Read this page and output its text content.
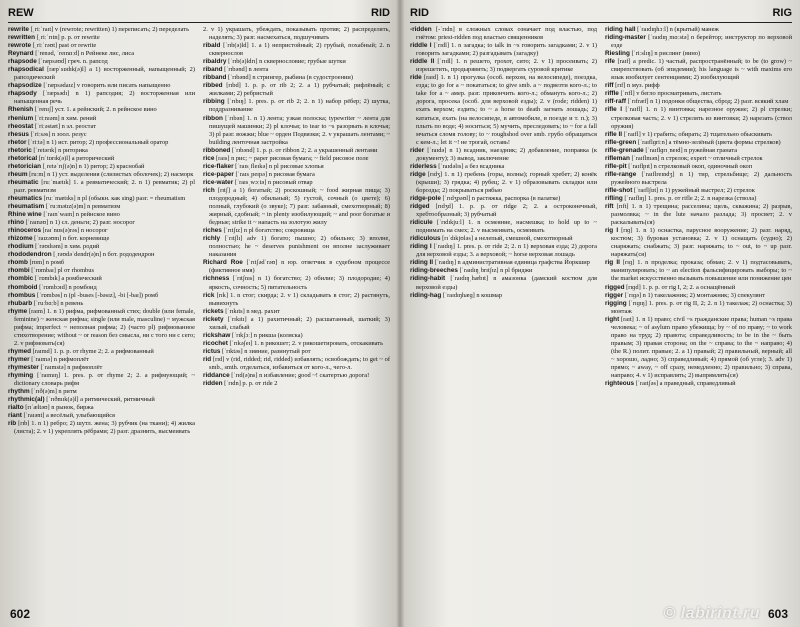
REW	RID

rewrite [ˌriːˈraɪt] v (rewrote; rewritten) 1) переписать; 2) переделать

rewritten [ˌriːˈrɪtn] p. p. от rewrite

rewrote [ˌriːˈrəʊt] past от rewrite

Reynard [ˈrenəd, ˈreɪnɑːd] n Рейнеке лис, лиса

rhapsode [ˈræpsəʊd] греч. n. рапсод

rhapsodical [ræpˈsɒdɪk(ə)l] a 1) восторженный, напыщенный; 2) рапсодический

rhapsodize [ˈræpsədaɪz] v говорить или писать напыщенно

rhapsody [ˈræpsədɪ] n 1) рапсодия; 2) восторженная или напыщенная речь

Rhenish [ˈrenɪʃ] уст. 1. a рейнский; 2. n рейнское вино

rhenium [ˈriːnɪəm] n хим. рений

rheostat [ˈriːəstæt] n эл. реостат

rhesus [ˈriːsəs] n зоол. резус

rhetor [ˈriːtə] n 1) ист. ритор; 2) профессиональный оратор

rhetoric [ˈretərɪk] n риторика

rhetorical [rɪˈtɒrɪk(ə)l] a риторический

rhetorician [ˌretəˈrɪʃ(ə)n] n 1) ритор; 2) краснобай

rheum [ruːm] n 1) уст. выделения (слизистых оболочек); 2) насморк

rheumatic [ruːˈmætɪk] 1. a ревматический; 2. n 1) ревматик; 2) pl разг. ревматизм

rheumatics [ruːˈmætɪks] n pl (обыкн. как sing) разг. = rheumatism

rheumatism [ˈruːmətɪz(ə)m] n ревматизм

Rhine wine [ˈraɪnˈwaɪn] n рейнское вино

rhino [ˈraɪnəʊ] n 1) сл. деньги; 2) разг. носорог

rhinoceros [raɪˈnɒs(ə)rəs] n носорог

rhizome [ˈraɪzəʊm] n бот. корневище

rhodium [ˈrəʊdɪəm] n хим. родий

rhododendron [ˌrəʊdəˈdendr(ə)n] n бот. рододендрон

rhomb [rɒm] n ромб

rhombi [ˈrɒmbaɪ] pl от rhombus

rhombic [ˈrɒmbɪk] a ромбический

rhomboid [ˈrɒmbɔɪd] n ромбоид

rhombus [ˈrɒmbəs] n (pl -buses [-bəsɪz], -bi [-baɪ]) ромб

rhubarb [ˈruːbɑːb] n ревень

rhyme [raɪm] 1. n 1) рифма, рифмованный стих; double (или female, feminine) ~ женская рифма; single (или male, masculine) ~ мужская рифма; imperfect ~ неполная рифма; 2) (часто pl) рифмованное стихотворение; without ~ or reason без смысла, ни с того ни с сего; 2. v рифмовать(ся)

rhymed [raɪmd] 1. p. p. от rhyme 2; 2. a рифмованный

rhymer [ˈraɪmə] n рифмоплёт

rhymester [ˈraɪmstə] n рифмоплёт

rhyming [ˈraɪmɪŋ] 1. pres. p. от rhyme 2; 2. a рифмующий; ~ dictionary словарь рифм

rhythm [ˈrɪð(ə)m] n ритм

rhythmic(al) [ˈrɪðmɪk(ə)l] a ритмический, ритмичный

rialto [rɪˈæltəʊ] n рынок, биржа

riant [ˈraɪənt] a весёлый, улыбающийся

rib [rɪb] 1. n 1) ребро; 2) шутл. жена; 3) рубчик (на ткани); 4) жилка (листа); 2. v 1) укреплять рёбрами; 2) разг. дразнить, высмеивать

2. v 1) украшать, убеждать, показывать против; 2) распределять, наделять; 3) разг. насмехаться, подшучивать

ribald [ˈrɪb(ə)ld] 1. a 1) непристойный; 2) грубый, похабный; 2. n сквернослов

ribaldry [ˈrɪb(ə)ldrɪ] n сквернословие; грубые шутки

riband [ˈrɪbənd] n лента

ribband [ˈrɪbənd] n стрингер, рыбина (в судостроении)

ribbed [rɪbd] 1. p. p. от rib 2; 2. a 1) рубчатый; рифлёный; с жилками; 2) ребристый

ribbing [ˈrɪbɪŋ] 1. pres. p. от rib 2; 2. n 1) набор рёбер; 2) шутка, поддразнивание

ribbon [ˈrɪbən] 1. n 1) лента; узкая полоска; typewriter ~ лента для пишущей машинки; 2) pl клочья; to tear to ~s разорвать в клочья; 3) pl разг. вожжи; blue ~ орден Подвязки; 2. v украшать лентами; ~ building ленточная застройка

ribboned [ˈrɪbənd] 1. p. p. от ribbon 2; 2. a украшенный лентами

rice [raɪs] n рис; ~ paper рисовая бумага; ~ field рисовое поле

rice-flaker [ˈraɪsˌfleɪkə] n pl рисовые хлопья

rice-paper [ˈraɪsˌpeɪpə] n рисовая бумага

rice-water [ˈraɪsˌwɔːtə] n рисовый отвар

rich [rɪtʃ] a 1) богатый; 2) роскошный; ~ food жирная пища; 3) плодородный; 4) обильный; 5) густой, сочный (о цвете); 6) полный, глубокий (о звуке); 7) разг. забавный, смехотворный; 8) жирный, сдобный; ~ in plenty изобилующий; ~ and poor богатые и бедные; strike it ~ напасть на золотую жилу

riches [ˈrɪtʃɪz] n pl богатство; сокровища

richly [ˈrɪtʃlɪ] adv 1) богато; пышно; 2) обильно; 3) вполне, полностью; he ~ deserves punishment он вполне заслуживает наказания

Richard Roe [ˈrɪtʃədˈrəʊ] n юр. ответчик в судебном процессе (фиктивное имя)

richness [ˈrɪtʃnɪs] n 1) богатство; 2) обилие; 3) плодородие; 4) яркость, сочность; 5) питательность

rick [rɪk] 1. n стог; скирда; 2. v 1) складывать в стог; 2) растянуть, вывихнуть

rickets [ˈrɪkɪts] n мед. рахит

rickety [ˈrɪkɪtɪ] a 1) рахитичный; 2) расшатанный, шаткий; 3) хилый, слабый

rickshaw [ˈrɪkʃɔː] n рикша (коляска)

ricochet [ˈrɪkəʃeɪ] 1. n рикошет; 2. v рикошетировать, отскакивать

rictus [ˈrɪktəs] n зияние, разинутый рот

rid [rɪd] v (rid, ridded; rid, ridded) избавлять; освобождать; to get ~ of smb., smth. отделаться, избавиться от кого-л., чего-л.

riddance [ˈrɪd(ə)ns] n избавление; good ~! скатертью дорога!

ridden [ˈrɪdn] p. p. от ride 2

602
RID	RIG

-ridden [-ˈrɪdn] в сложных словах означает под властью, под гнётом: priest-ridden под властью священников

riddle I [ˈrɪdl] 1. n загадка; to talk in ~s говорить загадками; 2. v 1) говорить загадками; 2) разгадывать (загадку)

riddle II [ˈrɪdl] 1. n решето, грохот, сито; 2. v 1) просеивать; 2) изрешетить, продырявить; 3) подвергать суровой критике

ride [raɪd] 1. n 1) прогулка (особ. верхом, на велосипеде), поездка, езда; to go for a ~ покататься; to give smb. a ~ подвезти кого-л.; to take for a ~ амер. разг. прикончить кого-л.; обмануть кого-л.; 2) дорога, просека (особ. для верховой езды); 2. v (rode; ridden) 1) ехать верхом; ездить; to ~ a horse to death загнать лошадь; 2) кататься, ехать (на велосипеде, в автомобиле, в поезде и т. п.); 3) плыть по воде; 4) носиться; 5) мучить, преследовать; to ~ for a fall мчаться сломя голову; to ~ roughshod over smb. грубо обращаться с кем-л.; let it ~! не трогай, оставь!

rider [ˈraɪdə] n 1) всадник, наездник; 2) добавление, поправка (к документу); 3) вывод, заключение

riderless [ˈraɪdəlɪs] a без всадника

ridge [rɪdʒ] 1. n 1) гребень (горы, волны); горный хребет; 2) конёк (крыши); 3) грядка; 4) рубец; 2. v 1) образовывать складки или борозды; 2) покрываться рябью

ridge-pole [ˈrɪdʒpəʊl] n растяжка, распорка (в палатке)

ridged [rɪdʒd] 1. p. p. от ridge 2; 2. a остроконечный, хребтообразный; 3) рубчатый

ridicule [ˈrɪdɪkjuːl] 1. n осмеяние, насмешка; to hold up to ~ поднимать на смех; 2. v высмеивать, осмеивать

ridiculous [rɪˈdɪkjʊləs] a нелепый, смешной, смехотворный

riding I [ˈraɪdɪŋ] 1. pres. p. от ride 2; 2. n 1) верховая езда; 2) дорога для верховой езды; 3. a верховой; ~ horse верховая лошадь

riding II [ˈraɪdɪŋ] n административная единица графства Йоркшир

riding-breeches [ˈraɪdɪŋˌbrɪtʃɪz] n pl бриджи

riding-habit [ˈraɪdɪŋˌhæbɪt] n амазонка (дамский костюм для верховой езды)

riding-hag [ˈraɪdɪŋhæɡ] n кошмар

riding hall [ˈraɪdɪŋhɔːl] n (крытый) манеж

riding-master [ˈraɪdɪŋˌmɑːstə] n берейтор; инструктор по верховой езде

Riesling [ˈriːslɪŋ] n рислинг (вино)

rife [raɪf] a predic. 1) частый, распространённый; to be (to grow) ~ свирепствовать (об эпидемии); his language is ~ with maxims его язык изобилует сентенциями; 2) изобилующий

riff [rɪf] n муз. рифф

riffle [ˈrɪfl] v бегло просматривать, листать

riff-raff [ˈrɪfræf] n 1) подонки общества, сброд; 2) разг. всякий хлам

rifle I [ˈraɪfl] 1. n 1) винтовка; нарезное оружие; 2) pl стрелки; стрелковая часть; 2. v 1) стрелять из винтовки; 2) нарезать (ствол оружия)

rifle II [ˈraɪfl] v 1) грабить; обирать; 2) тщательно обыскивать

rifle-green [ˈraɪflɡriːn] a тёмно-зелёный (цвета формы стрелков)

rifle-grenade [ˈraɪflɡrɪˌneɪd] n ружейная граната

rifleman [ˈraɪflmən] n стрелок; expert ~ отличный стрелок

rifle-pit [ˈraɪflpɪt] n стрелковый окоп, одиночный окоп

rifle-range [ˈraɪflreɪndʒ] n 1) тир, стрельбище; 2) дальность ружейного выстрела

rifle-shot [ˈraɪflʃɒt] n 1) ружейный выстрел; 2) стрелок

rifling [ˈraɪflɪŋ] 1. pres. p. от rifle 2; 2. n нарезка (ствола)

rift [rɪft] 1. n 1) трещина; расселина; щель, скважина; 2) разрыв, размолвка; ~ in the lute начало разлада; 3) просвет; 2. v раскалывать(ся)

rig I [rɪɡ] 1. n 1) оснастка, парусное вооружение; 2) разг. наряд, костюм; 3) буровая установка; 2. v 1) оснащать (судно); 2) снаряжать; снабжать; 3) разг. наряжать; to ~ out, to ~ up разг. наряжать(ся)

rig II [rɪɡ] 1. n проделка; проказа; обман; 2. v 1) подтасовывать, манипулировать; to ~ an election фальсифицировать выборы; to ~ the market искусственно вызывать повышение или понижение цен

rigged [rɪɡd] 1. p. p. от rig I, 2; 2. a оснащённый

rigger [ˈrɪɡə] n 1) такелажник; 2) монтажник; 3) спекулянт

rigging [ˈrɪɡɪŋ] 1. pres. p. от rig II, 2; 2. n 1) такелаж; 2) оснастка; 3) монтаж

right [raɪt] 1. n 1) право; civil ~s гражданские права; human ~s права человека; ~ of asylum право убежища; by ~ of по праву; ~ to work право на труд; 2) правота; справедливость; to be in the ~ быть правым; 3) правая сторона; on the ~ справа; to the ~ направо; 4) (the R.) полит. правые; 2. a 1) правый; 2) правильный, верный; all ~ хорошо, ладно; 3) справедливый; 4) прямой (об угле); 3. adv 1) прямо; ~ away, ~ off сразу, немедленно; 2) правильно; 3) справа, направо; 4. v 1) исправлять; 2) выпрямлять(ся)

righteous [ˈraɪtʃəs] a праведный, справедливый

603
© labirint.ru
